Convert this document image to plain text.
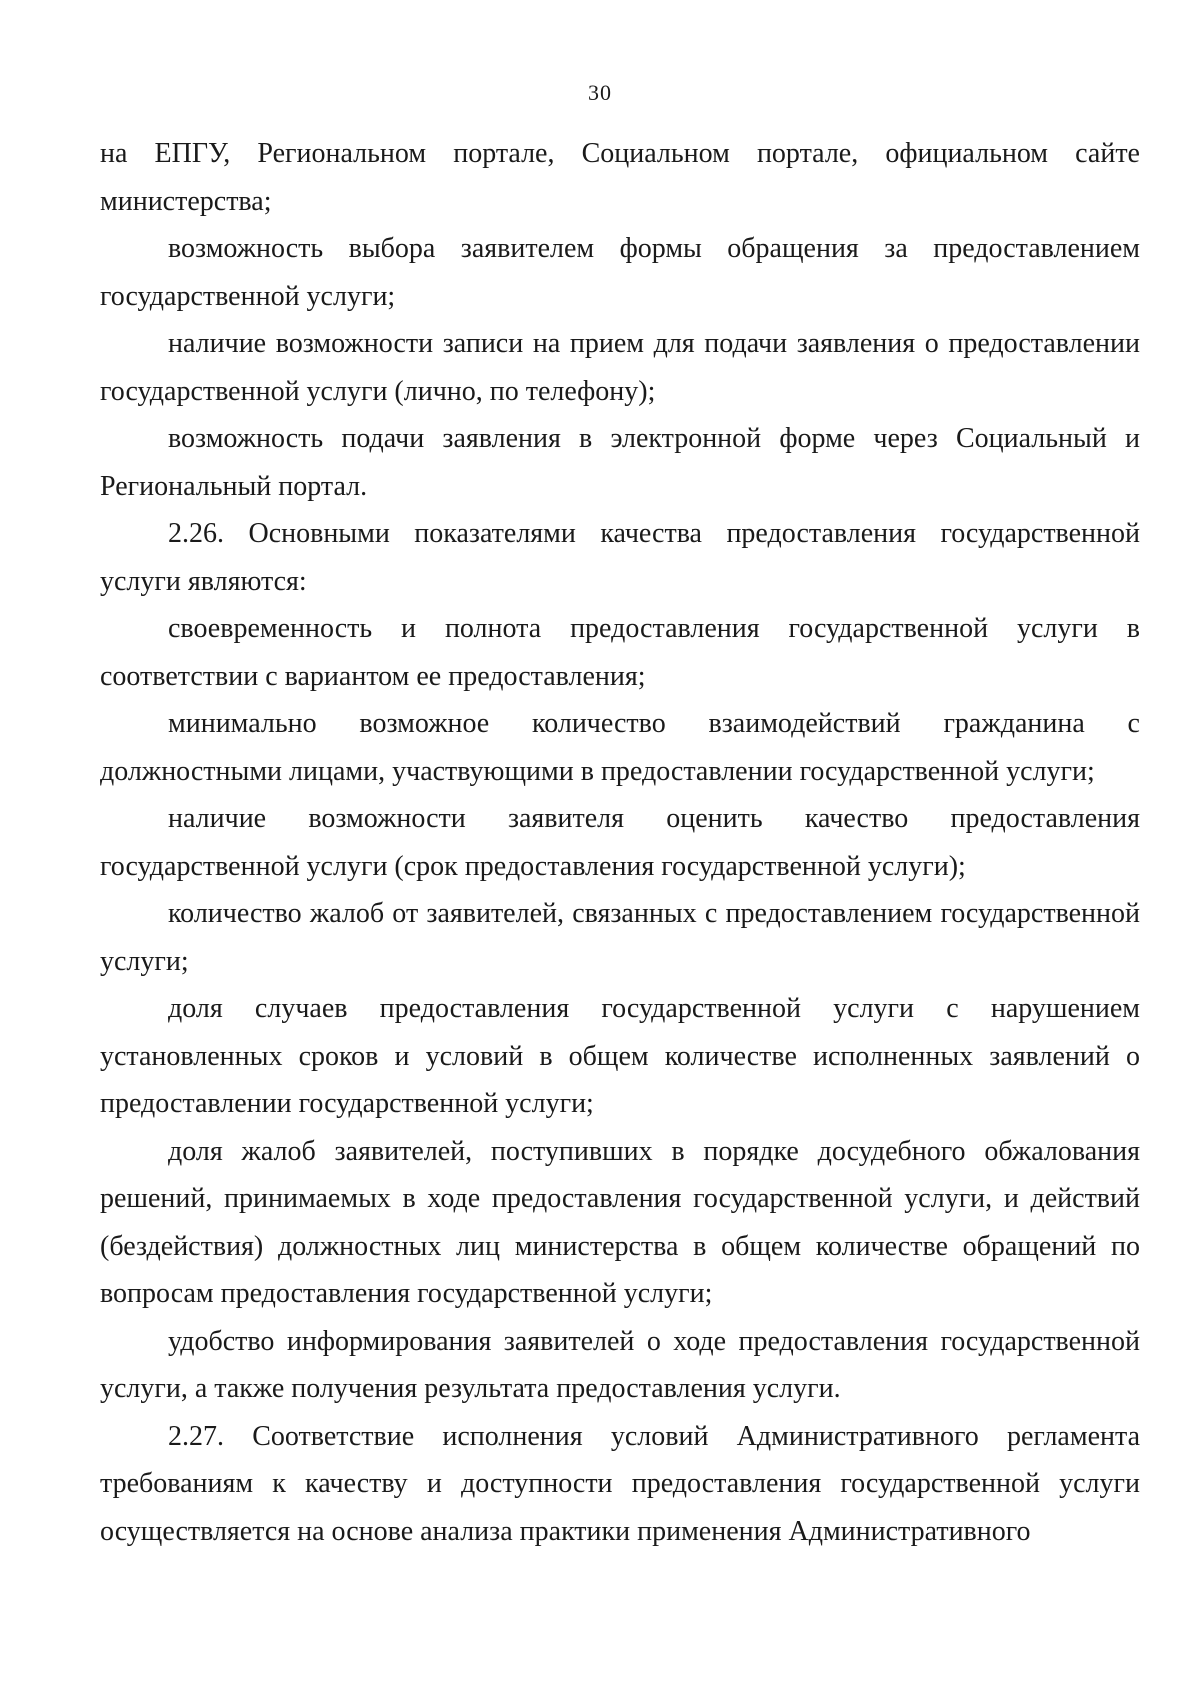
30

на ЕПГУ, Региональном портале, Социальном портале, официальном сайте министерства;

возможность выбора заявителем формы обращения за предоставлением государственной услуги;

наличие возможности записи на прием для подачи заявления о предоставлении государственной услуги (лично, по телефону);

возможность подачи заявления в электронной форме через Социальный и Региональный портал.

2.26. Основными показателями качества предоставления государственной услуги являются:

своевременность и полнота предоставления государственной услуги в соответствии с вариантом ее предоставления;

минимально возможное количество взаимодействий гражданина с должностными лицами, участвующими в предоставлении государственной услуги;

наличие возможности заявителя оценить качество предоставления государственной услуги (срок предоставления государственной услуги);

количество жалоб от заявителей, связанных с предоставлением государственной услуги;

доля случаев предоставления государственной услуги с нарушением установленных сроков и условий в общем количестве исполненных заявлений о предоставлении государственной услуги;

доля жалоб заявителей, поступивших в порядке досудебного обжалования решений, принимаемых в ходе предоставления государственной услуги, и действий (бездействия) должностных лиц министерства в общем количестве обращений по вопросам предоставления государственной услуги;

удобство информирования заявителей о ходе предоставления государственной услуги, а также получения результата предоставления услуги.

2.27. Соответствие исполнения условий Административного регламента требованиям к качеству и доступности предоставления государственной услуги осуществляется на основе анализа практики применения Административного
